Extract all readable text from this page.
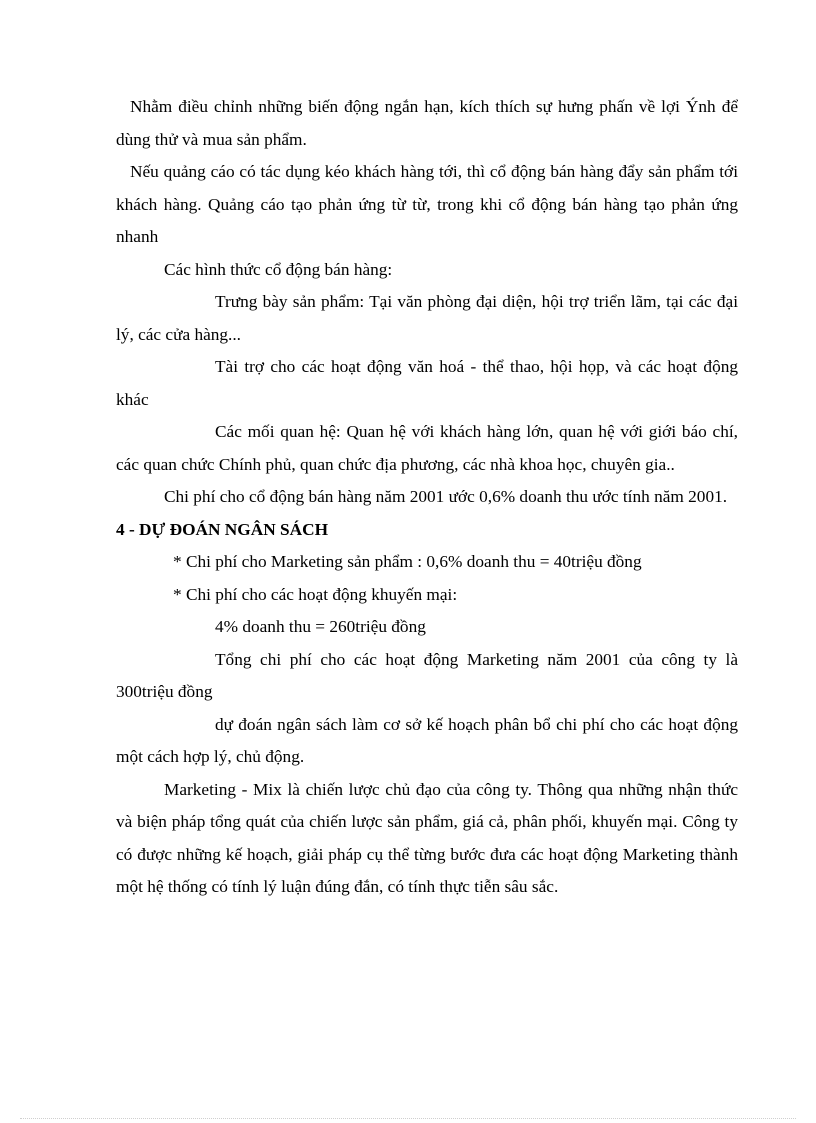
Nhằm điều chỉnh những biến động ngắn hạn, kích thích sự hưng phấn về lợi Ýnh để dùng thử và mua sản phẩm.

Nếu quảng cáo có tác dụng kéo khách hàng tới, thì cổ động bán hàng đẩy sản phẩm tới khách hàng. Quảng cáo tạo phản ứng từ từ, trong khi cổ động bán hàng tạo phản ứng nhanh

Các hình thức cổ động bán hàng:

Trưng bày sản phẩm: Tại văn phòng đại diện, hội trợ triển lãm, tại các đại lý, các cửa hàng...

Tài trợ cho các hoạt động văn hoá - thể thao, hội họp, và các hoạt động khác

Các mối quan hệ: Quan hệ với khách hàng lớn, quan hệ với giới báo chí, các quan chức Chính phủ, quan chức địa phương, các nhà khoa học, chuyên gia..

Chi phí cho cổ động bán hàng năm 2001 ước 0,6% doanh thu ước tính năm 2001.

4 - DỰ ĐOÁN NGÂN SÁCH

* Chi phí cho Marketing sản phẩm : 0,6% doanh thu = 40triệu đồng

* Chi phí cho các hoạt động khuyến mại:

4% doanh thu = 260triệu đồng

Tổng chi phí cho các hoạt động Marketing năm 2001 của công ty là 300triệu đồng

dự đoán ngân sách làm cơ sở kế hoạch phân bổ chi phí cho các hoạt động một cách hợp lý, chủ động.

Marketing - Mix là chiến lược chủ đạo của công ty. Thông qua những nhận thức và biện pháp tổng quát của chiến lược sản phẩm, giá cả, phân phối, khuyến mại. Công ty có được những kế hoạch, giải pháp cụ thể từng bước đưa các hoạt động Marketing thành một hệ thống có tính lý luận đúng đắn, có tính thực tiễn sâu sắc.
